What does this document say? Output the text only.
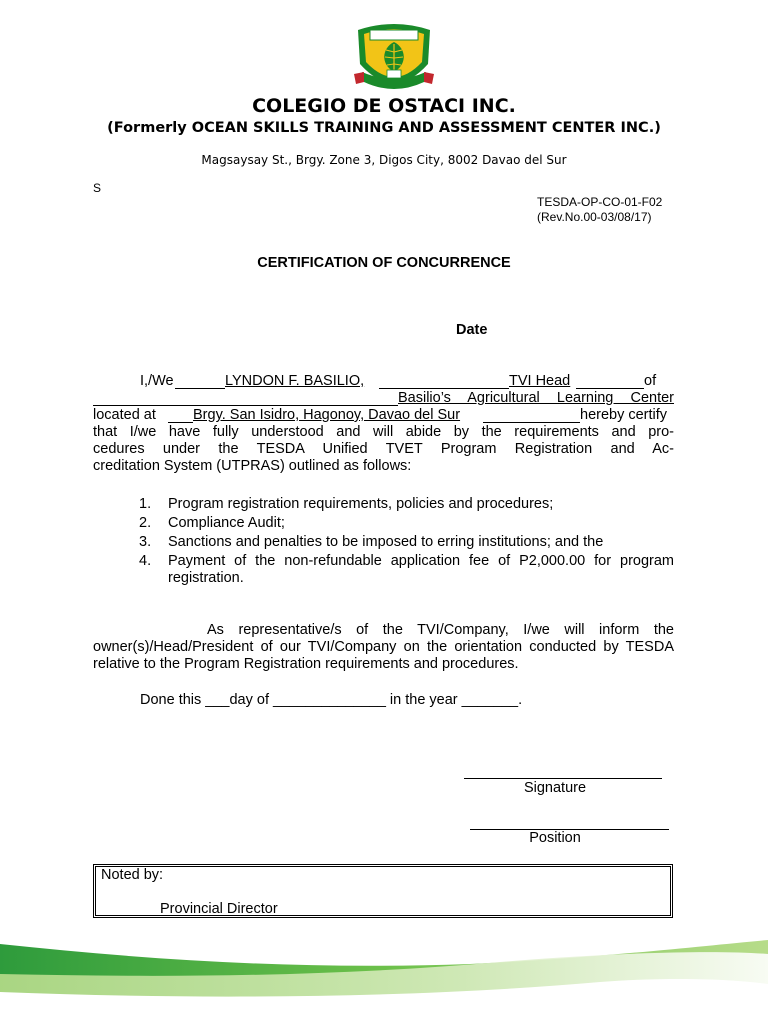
COLEGIO DE OSTACI INC.
(Formerly OCEAN SKILLS TRAINING AND ASSESSMENT CENTER INC.)
Magsaysay St., Brgy. Zone 3, Digos City, 8002 Davao del Sur
S
TESDA-OP-CO-01-F02
(Rev.No.00-03/08/17)
CERTIFICATION OF CONCURRENCE
Date
I,/We	LYNDON F. BASILIO,	TVI Head	of
Basilio’s Agricultural Learning Center
located at	Brgy. San Isidro, Hagonoy, Davao del Sur	hereby certify
that I/we have fully understood and will abide by the requirements and pro-
cedures under the TESDA Unified TVET Program Registration and Ac-
creditation System (UTPRAS) outlined as follows:
1. Program registration requirements, policies and procedures;
2. Compliance Audit;
3. Sanctions and penalties to be imposed to erring institutions; and the
4. Payment of the non-refundable application fee of P2,000.00 for program registration.
As representative/s of the TVI/Company, I/we will inform the owner(s)/Head/President of our TVI/Company on the orientation conducted by TESDA relative to the Program Registration requirements and procedures.
Done this ___day of ______________ in the year _______.
Signature
Position
Noted by:
Provincial Director
